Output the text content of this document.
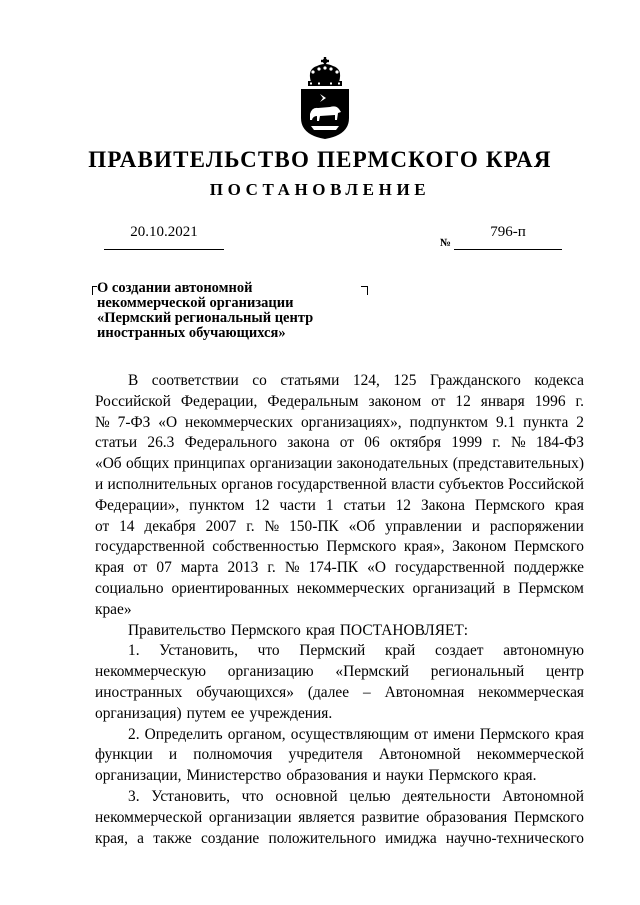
ПРАВИТЕЛЬСТВО ПЕРМСКОГО КРАЯ
ПОСТАНОВЛЕНИЕ
20.10.2021
№
796-п
О создании автономной
некоммерческой организации
«Пермский региональный центр
иностранных обучающихся»
В соответствии со статьями 124, 125 Гражданского кодекса
Российской Федерации, Федеральным законом от 12 января 1996 г.
№ 7-ФЗ «О некоммерческих организациях», подпунктом 9.1 пункта 2
статьи 26.3 Федерального закона от 06 октября 1999 г. № 184-ФЗ
«Об общих принципах организации законодательных (представительных)
и исполнительных органов государственной власти субъектов Российской
Федерации», пунктом 12 части 1 статьи 12 Закона Пермского края
от 14 декабря 2007 г. № 150-ПК «Об управлении и распоряжении
государственной собственностью Пермского края», Законом Пермского
края от 07 марта 2013 г. № 174-ПК «О государственной поддержке
социально ориентированных некоммерческих организаций в Пермском
крае»
Правительство Пермского края ПОСТАНОВЛЯЕТ:
1. Установить, что Пермский край создает автономную
некоммерческую организацию «Пермский региональный центр
иностранных обучающихся» (далее – Автономная некоммерческая
организация) путем ее учреждения.
2. Определить органом, осуществляющим от имени Пермского края
функции и полномочия учредителя Автономной некоммерческой
организации, Министерство образования и науки Пермского края.
3. Установить, что основной целью деятельности Автономной
некоммерческой организации является развитие образования Пермского
края, а также создание положительного имиджа научно-технического
